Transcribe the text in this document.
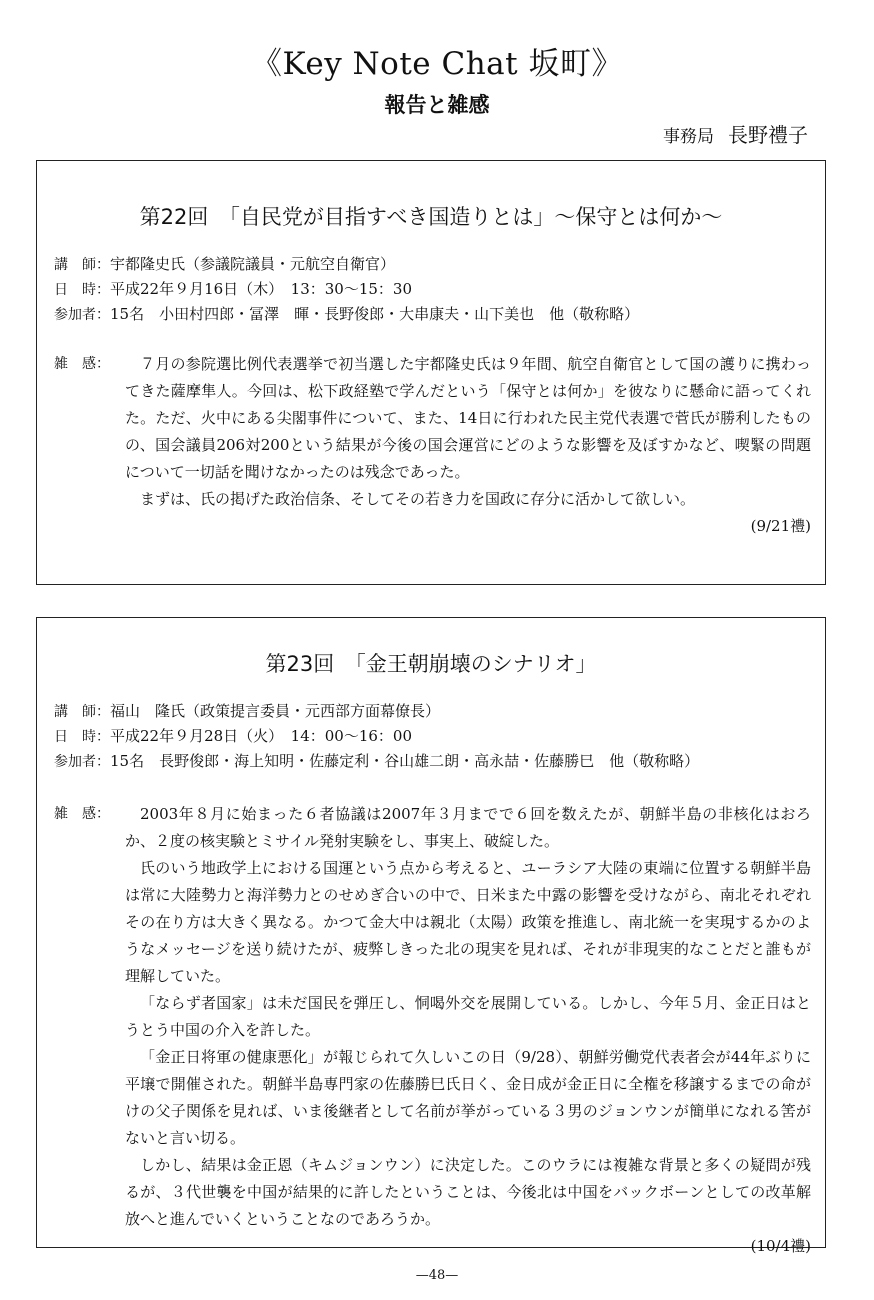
《Key Note Chat 坂町》
報告と雑感
事務局 長野禮子
第22回　「自民党が目指すべき国造りとは」〜保守とは何か〜
講　師：宇都隆史氏（参議院議員・元航空自衛官）
日　時：平成22年９月16日（木）　13：30〜15：30
参加者：15名　小田村四郎・冨澤　暉・長野俊郎・大串康夫・山下美也　他（敬称略）
雑　感：	７月の参院選比例代表選挙で初当選した宇都隆史氏は９年間、航空自衛官として国の護りに携わってきた薩摩隼人。今回は、松下政経塾で学んだという「保守とは何か」を彼なりに懸命に語ってくれた。ただ、火中にある尖閣事件について、また、14日に行われた民主党代表選で菅氏が勝利したものの、国会議員206対200という結果が今後の国会運営にどのような影響を及ぼすかなど、喫緊の問題について一切話を聞けなかったのは残念であった。

まずは、氏の掲げた政治信条、そしてその若き力を国政に存分に活かして欲しい。

(9/21禮)
第23回　「金王朝崩壊のシナリオ」
講　師：福山　隆氏（政策提言委員・元西部方面幕僚長）
日　時：平成22年９月28日（火）　14：00〜16：00
参加者：15名　長野俊郎・海上知明・佐藤定利・谷山雄二朗・高永喆・佐藤勝巳　他（敬称略）
雑　感：	2003年８月に始まった６者協議は2007年３月までで６回を数えたが、朝鮮半島の非核化はおろか、２度の核実験とミサイル発射実験をし、事実上、破綻した。

氏のいう地政学上における国運という点から考えると、ユーラシア大陸の東端に位置する朝鮮半島は常に大陸勢力と海洋勢力とのせめぎ合いの中で、日米また中露の影響を受けながら、南北それぞれその在り方は大きく異なる。かつて金大中は親北（太陽）政策を推進し、南北統一を実現するかのようなメッセージを送り続けたが、疲弊しきった北の現実を見れば、それが非現実的なことだと誰もが理解していた。

「ならず者国家」は未だ国民を弾圧し、恫喝外交を展開している。しかし、今年５月、金正日はとうとう中国の介入を許した。

「金正日将軍の健康悪化」が報じられて久しいこの日（9/28）、朝鮮労働党代表者会が44年ぶりに平壌で開催された。朝鮮半島専門家の佐藤勝巳氏日く、金日成が金正日に全権を移譲するまでの命がけの父子関係を見れば、いま後継者として名前が挙がっている３男のジョンウンが簡単になれる筈がないと言い切る。

しかし、結果は金正恩（キムジョンウン）に決定した。このウラには複雑な背景と多くの疑問が残るが、３代世襲を中国が結果的に許したということは、今後北は中国をバックボーンとしての改革解放へと進んでいくということなのであろうか。

(10/4禮)
—48—
